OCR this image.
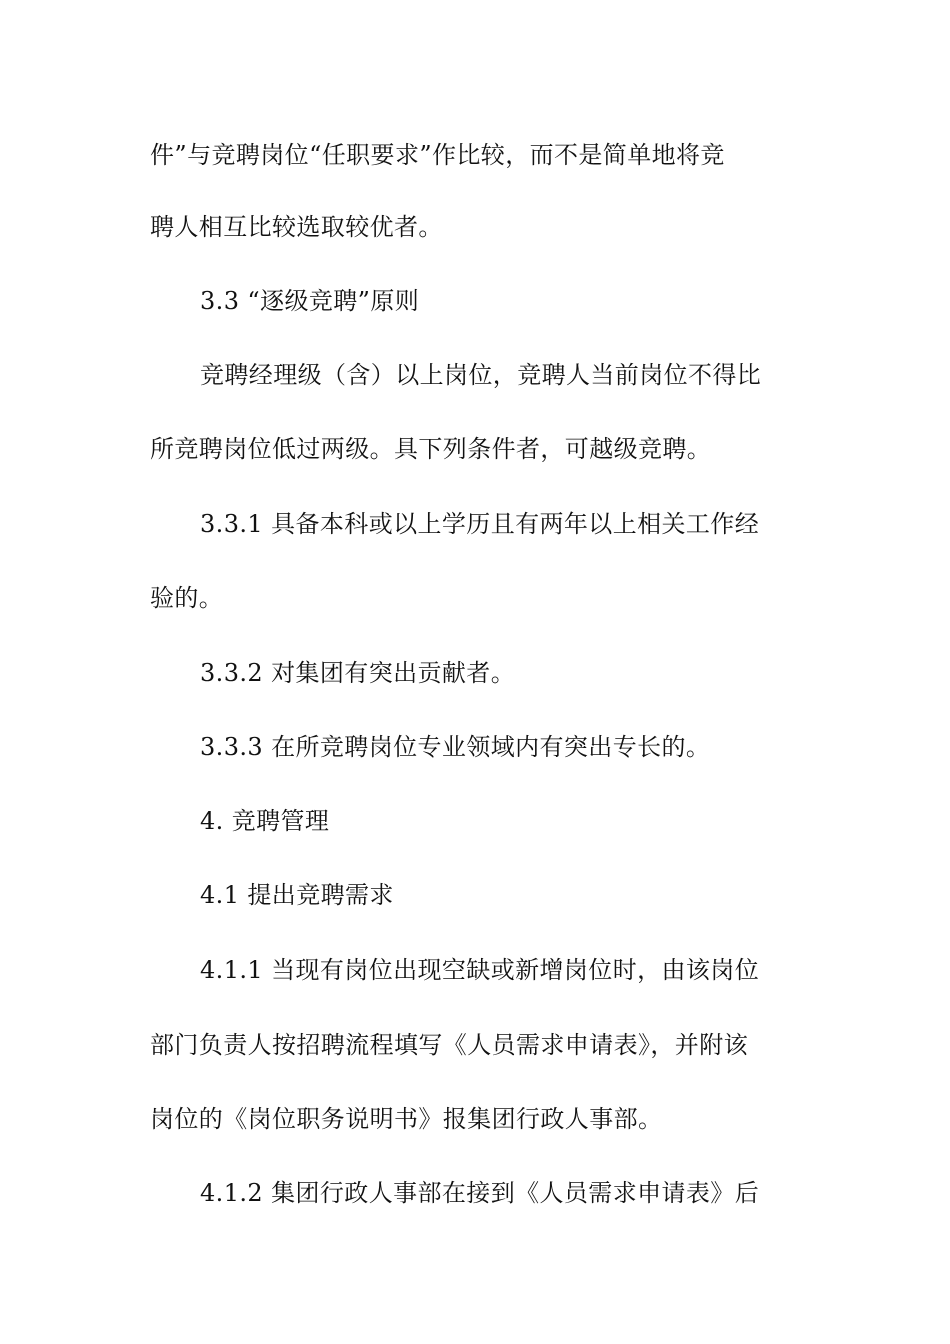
件”与竞聘岗位“任职要求”作比较，而不是简单地将竞
聘人相互比较选取较优者。
3.3 “逐级竞聘”原则
竞聘经理级（含）以上岗位，竞聘人当前岗位不得比
所竞聘岗位低过两级。具下列条件者，可越级竞聘。
3.3.1 具备本科或以上学历且有两年以上相关工作经
验的。
3.3.2 对集团有突出贡献者。
3.3.3 在所竞聘岗位专业领域内有突出专长的。
4. 竞聘管理
4.1 提出竞聘需求
4.1.1 当现有岗位出现空缺或新增岗位时，由该岗位
部门负责人按招聘流程填写《人员需求申请表》，并附该
岗位的《岗位职务说明书》报集团行政人事部。
4.1.2 集团行政人事部在接到《人员需求申请表》后
